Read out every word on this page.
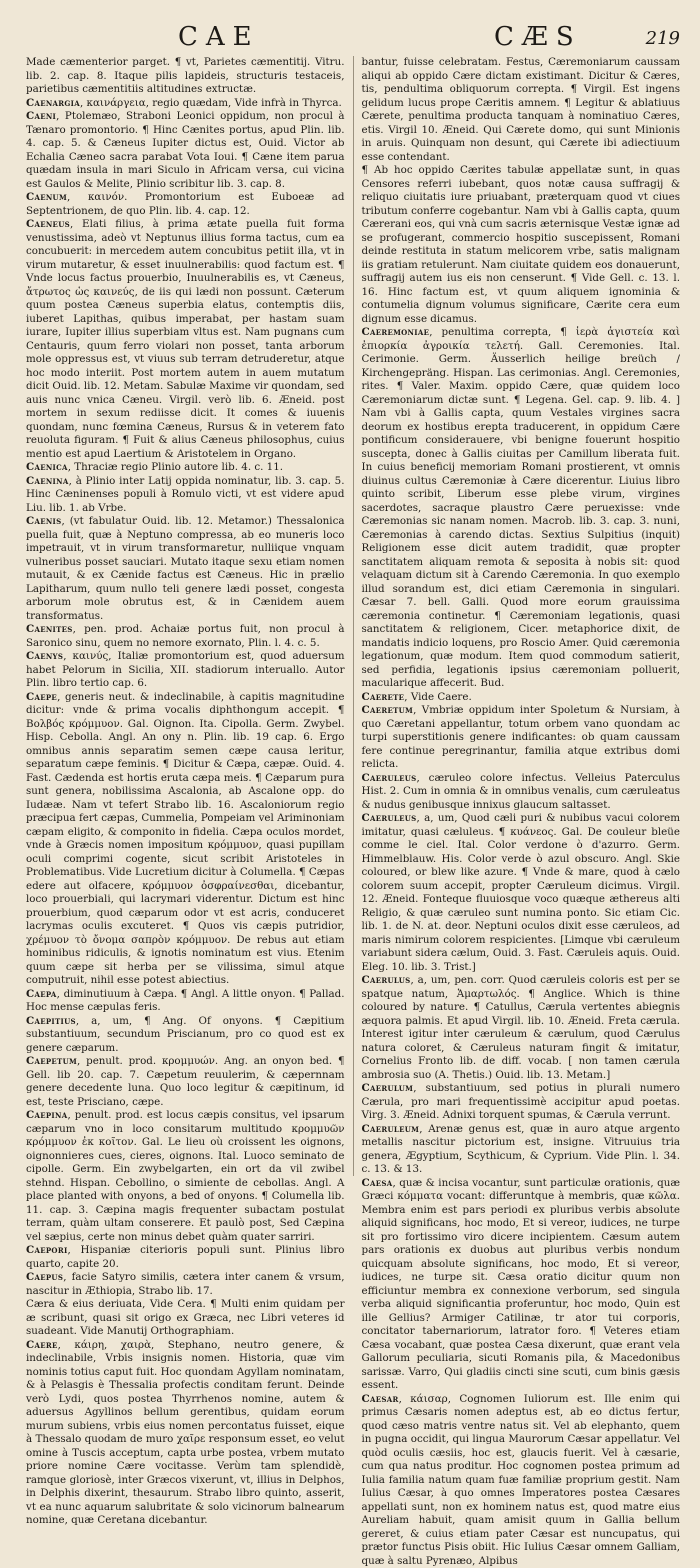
CAE	CÆS	219

Made cæmenterior parget. ¶ vt, Parietes cæmentitij. Vitru. lib. 2. cap. 8. Itaque pilis lapideis, structuris testaceis, parietibus cæmentitiis altitudines extructæ.

Caenargia, καινάργεια, regio quædam, Vide infrà in Thyrca.

Caeni, Ptolemæo, Straboni Leonici oppidum, non procul à Tænaro promontorio. ¶ Hinc Cænites portus, apud Plin. lib. 4. cap. 5. & Cæneus Iupiter dictus est, Ouid. Victor ab Echalia Cæneo sacra parabat Vota Ioui. ¶ Cæne item parua quædam insula in mari Siculo in Africam versa, cui vicina est Gaulos & Melite, Plinio scribitur lib. 3. cap. 8.

Caenum, καινόν. Promontorium est Euboeæ ad Septentrionem, de quo Plin. lib. 4. cap. 12.

Caeneus, Elati filius, à prima ætate puella fuit forma venustissima, adeò vt Neptunus illius forma tactus, cum ea concubuerit: in mercedem autem concubitus petiit illa, vt in virum mutaretur, & esset inuulnerabilis: quod factum est. ¶ Vnde locus factus prouerbio, Inuulnerabilis es, vt Cæneus, ἄτρωτος ὡς καινεύς, de iis qui lædi non possunt. Cæterum quum postea Cæneus superbia elatus, contemptis diis, iuberet Lapithas, quibus imperabat, per hastam suam iurare, Iupiter illius superbiam vltus est. Nam pugnans cum Centauris, quum ferro violari non posset, tanta arborum mole oppressus est, vt viuus sub terram detruderetur, atque hoc modo interiit. Post mortem autem in auem mutatum dicit Ouid. lib. 12. Metam. Sabulæ Maxime vir quondam, sed auis nunc vnica Cæneu. Virgil. verò lib. 6. Æneid. post mortem in sexum rediisse dicit. It comes & iuuenis quondam, nunc fœmina Cæneus, Rursus & in veterem fato reuoluta figuram. ¶ Fuit & alius Cæneus philosophus, cuius mentio est apud Laertium & Aristotelem in Organo.

Caenica, Thraciæ regio Plinio autore lib. 4. c. 11.

Caenina, à Plinio inter Latij oppida nominatur, lib. 3. cap. 5. Hinc Cæninenses populi à Romulo victi, vt est videre apud Liu. lib. 1. ab Vrbe.

Caenis, (vt fabulatur Ouid. lib. 12. Metamor.) Thessalonica puella fuit, quæ à Neptuno compressa, ab eo muneris loco impetrauit, vt in virum transformaretur, nulliique vnquam vulneribus posset sauciari. Mutato itaque sexu etiam nomen mutauit, & ex Cænide factus est Cæneus. Hic in prælio Lapitharum, quum nullo teli genere lædi posset, congesta arborum mole obrutus est, & in Cænidem auem transformatus.

Caenites, pen. prod. Achaiæ portus fuit, non procul à Saronico sinu, quem no nemore exornato, Plin. l. 4. c. 5.

Caenys, καινύς, Italiæ promontorium est, quod aduersum habet Pelorum in Sicilia, XII. stadiorum interuallo. Autor Plin. libro tertio cap. 6.

Caepe, generis neut. & indeclinabile, à capitis magnitudine dicitur: vnde & prima vocalis diphthongum accepit. ¶ Βολβός κρόμμυον. Gal. Oignon. Ita. Cipolla. Germ. Zwybel. Hisp. Cebolla. Angl. An ony n. Plin. lib. 19 cap. 6. Ergo omnibus annis separatim semen cæpe causa leritur, separatum cæpe feminis. ¶ Dicitur & Cæpa, cæpæ. Ouid. 4. Fast. Cædenda est hortis eruta cæpa meis. ¶ Cæparum pura sunt genera, nobilissima Ascalonia, ab Ascalone opp. do Iudææ. Nam vt tefert Strabo lib. 16. Ascaloniorum regio præcipua fert cæpas, Cummelia, Pompeiam vel Ariminoniam cæpam eligito, & componito in fidelia. Cæpa oculos mordet, vnde à Græcis nomen impositum κρόμμυον, quasi pupillam oculi comprimi cogente, sicut scribit Aristoteles in Problematibus. Vide Lucretium dicitur à Columella. ¶ Cæpas edere aut olfacere, κρόμμυον ὀσφραίνεσθαι, dicebantur, loco prouerbiali, qui lacrymari viderentur. Dictum est hinc prouerbium, quod cæparum odor vt est acris, conduceret lacrymas oculis excuteret. ¶ Quos vis cæpis putridior, χρέμυον τὸ ὄνομα σαπρὸν κρόμμυον. De rebus aut etiam hominibus ridiculis, & ignotis nominatum est vius. Etenim quum cæpe sit herba per se vilissima, simul atque computruit, nihil esse potest abiectius.

Caepa, diminutiuum à Cæpa. ¶ Angl. A little onyon. ¶ Pallad. Hoc mense cæpulas feris.

Caepitius, a, um, ¶ Ang. Of onyons. ¶ Cæpitium substantiuum, secundum Priscianum, pro co quod est ex genere cæparum.

Caepetum, penult. prod. κρομμυών. Ang. an onyon bed. ¶ Gell. lib 20. cap. 7. Cæpetum reuulerim, & cæpernnam genere decedente luna. Quo loco legitur & cæpitinum, id est, teste Prisciano, cæpe.

Caepina, penult. prod. est locus cæpis consitus, vel ipsarum cæparum vno in loco consitarum multitudo κρομμυῶν κρόμμυον ἐκ κοῖτον. Gal. Le lieu où croissent les oignons, oignonnieres cues, cieres, oignons. Ital. Luoco seminato de cipolle. Germ. Ein zwybelgarten, ein ort da vil zwibel stehnd. Hispan. Cebollino, o simiente de cebollas. Angl. A place planted with onyons, a bed of onyons. ¶ Columella lib. 11. cap. 3. Cæpina magis frequenter subactam postulat terram, quàm ultam conserere. Et paulò post, Sed Cæpina vel sæpius, certe non minus debet quàm quater sarriri.

Caepori, Hispaniæ citerioris populi sunt. Plinius libro quarto, capite 20.

Caepus, facie Satyro similis, cætera inter canem & vrsum, nascitur in Æthiopia, Strabo lib. 17.

Cæra & eius deriuata, Vide Cera. ¶ Multi enim quidam per æ scribunt, quasi sit origo ex Græca, nec Libri veteres id suadeant. Vide Manutij Orthographiam.

Caere, κάιρη, χαιρὰ, Stephano, neutro genere, & indeclinabile, Vrbis insignis nomen. Historia, quæ vim nominis totius caput fuit. Hoc quondam Agyllam nominatam, & à Pelasgis è Thessalia profectis conditam ferunt. Deinde verò Lydi, quos postea Thyrrhenos nomine, autem & aduersus Agyllinos bellum gerentibus, quidam eorum murum subiens, vrbis eius nomen percontatus fuisset, eique à Thessalo quodam de muro χαῖρε responsum esset, eo velut omine à Tuscis acceptum, capta urbe postea, vrbem mutato priore nomine Cære vocitasse. Verùm tam splendidè, ramque gloriosè, inter Græcos vixerunt, vt, illius in Delphos, in Delphis dixerint, thesaurum. Strabo libro quinto, asserit, vt ea nunc aquarum salubritate & solo vicinorum balnearum nomine, quæ Ceretana dicebantur.

bantur, fuisse celebratam. Festus, Cæremoniarum caussam aliqui ab oppido Cære dictam existimant. Dicitur & Cæres, tis, pendultima obliquorum correpta. ¶ Virgil. Est ingens gelidum lucus prope Cæritis amnem. ¶ Legitur & ablatiuus Cærete, penultima producta tanquam à nominatiuo Cæres, etis. Virgil 10. Æneid. Qui Cærete domo, qui sunt Minionis in aruis. Quinquam non desunt, qui Cærete ibi adiectiuum esse contendant.

¶ Ab hoc oppido Cærites tabulæ appellatæ sunt, in quas Censores referri iubebant, quos notæ causa suffragij & reliquo ciuitatis iure priuabant, præterquam quod vt ciues tributum conferre cogebantur. Nam vbi à Gallis capta, quum Cærerani eos, qui vnà cum sacris æternisque Vestæ ignæ ad se profugerant, commercio hospitio suscepissent, Romani deinde restituta in statum melicorem vrbe, satis malignam iis gratiam retulerunt. Nam ciuitate quidem eos donauerunt, suffragij autem ius eis non censerunt. ¶ Vide Gell. c. 13. l. 16. Hinc factum est, vt quum aliquem ignominia & contumelia dignum volumus significare, Cærite cera eum dignum esse dicamus.

Caeremoniae, penultima correpta, ¶ ἱερὰ ἁγιστεία καὶ ἐπιορκία ἀγροικία τελετή. Gall. Ceremonies. Ital. Cerimonie. Germ. Äusserlich heilige breüch / Kirchengepräng. Hispan. Las cerimonias. Angl. Ceremonies, rites. ¶ Valer. Maxim. oppido Cære, quæ quidem loco Cæremoniarum dictæ sunt. ¶ Legena. Gel. cap. 9. lib. 4. ] Nam vbi à Gallis capta, quum Vestales virgines sacra deorum ex hostibus erepta traducerent, in oppidum Cære pontificum considerauere, vbi benigne fouerunt hospitio suscepta, donec à Gallis ciuitas per Camillum liberata fuit. In cuius beneficij memoriam Romani prostierent, vt omnis diuinus cultus Cæremoniæ à Cære dicerentur. Liuius libro quinto scribit, Liberum esse plebe virum, virgines sacerdotes, sacraque plaustro Cære peruexisse: vnde Cæremonias sic nanam nomen. Macrob. lib. 3. cap. 3. nuni, Cæremonias à carendo dictas. Sextius Sulpitius (inquit) Religionem esse dicit autem tradidit, quæ propter sanctitatem aliquam remota & seposita à nobis sit: quod velaquam dictum sit à Carendo Cæremonia. In quo exemplo illud sorandum est, dici etiam Cæremonia in singulari. Cæsar 7. bell. Galli. Quod more eorum grauissima cæremonia continetur. ¶ Cæremoniam legationis, quasi sanctitatem & religionem, Cicer. metaphorice dixit, de mandatis indicio loquens, pro Roscio Amer. Quid cæremonia legationum, quæ modum. Item quod commodum satierit, sed perfidia, legationis ipsius cæremoniam polluerit, macularique affecerit. Bud.

Caerete, Vide Caere.

Caeretum, Vmbriæ oppidum inter Spoletum & Nursiam, à quo Cæretani appellantur, totum orbem vano quondam ac turpi superstitionis genere indificantes: ob quam caussam fere continue peregrinantur, familia atque extribus domi relicta.

Caeruleus, cæruleo colore infectus. Velleius Paterculus Hist. 2. Cum in omnia & in omnibus venalis, cum cæruleatus & nudus genibusque innixus glaucum saltasset.

Caeruleus, a, um, Quod cæli puri & nubibus vacui colorem imitatur, quasi cæluleus. ¶ κυάνεος. Gal. De couleur bleüe comme le ciel. Ital. Color verdone ò d'azurro. Germ. Himmelblauw. His. Color verde ò azul obscuro. Angl. Skie coloured, or blew like azure. ¶ Vnde & mare, quod à cælo colorem suum accepit, propter Cæruleum dicimus. Virgil. 12. Æneid. Fonteque fluuiosque voco quæque æthereus alti Religio, & quæ cæruleo sunt numina ponto. Sic etiam Cic. lib. 1. de N. at. deor. Neptuni oculos dixit esse cæruleos, ad maris nimirum colorem respicientes. [Limque vbi cæruleum variabunt sidera cælum, Ouid. 3. Fast. Cæruleis aquis. Ouid. Eleg. 10. lib. 3. Trist.]

Caerulus, a, um, pen. corr. Quod cæruleis coloris est per se spatque natum, Ἁμαρτωλός. ¶ Anglice. Which is thine coloured by nature. ¶ Catullus, Cærula vertentes abiegnis æquora palmis. Et apud Virgil. lib. 10. Æneid. Freta cærula. Interest igitur inter cæruleum & cærulum, quod Cærulus natura coloret, & Cæruleus naturam fingit & imitatur, Cornelius Fronto lib. de diff. vocab. [ non tamen cærula ambrosia suo (A. Thetis.) Ouid. lib. 13. Metam.]

Caerulum, substantiuum, sed potius in plurali numero Cærula, pro mari frequentissimè accipitur apud poetas. Virg. 3. Æneid. Adnixi torquent spumas, & Cærula verrunt.

Caeruleum, Arenæ genus est, quæ in auro atque argento metallis nascitur pictorium est, insigne. Vitruuius tria genera, Ægyptium, Scythicum, & Cyprium. Vide Plin. l. 34. c. 13. & 13.

Caesa, quæ & incisa vocantur, sunt particulæ orationis, quæ Græci κόμματα vocant: differuntque à membris, quæ κῶλα. Membra enim est pars periodi ex pluribus verbis absolute aliquid significans, hoc modo, Et si vereor, iudices, ne turpe sit pro fortissimo viro dicere incipientem. Cæsum autem pars orationis ex duobus aut pluribus verbis nondum quicquam absolute significans, hoc modo, Et si vereor, iudices, ne turpe sit. Cæsa oratio dicitur quum non efficiuntur membra ex connexione verborum, sed singula verba aliquid significantia proferuntur, hoc modo, Quin est ille Gellius? Armiger Catilinæ, tr ator tui corporis, concitator tabernariorum, latrator foro. ¶ Veteres etiam Cæsa vocabant, quæ postea Cæsa dixerunt, quæ erant vela Gallorum peculiaria, sicuti Romanis pila, & Macedonibus sarissæ. Varro, Qui gladiis cincti sine scuti, cum binis gæsis essent.

Caesar, κάισαρ, Cognomen Iuliorum est. Ille enim qui primus Cæsaris nomen adeptus est, ab eo dictus fertur, quod cæso matris ventre natus sit. Vel ab elephanto, quem in pugna occidit, qui lingua Maurorum Cæsar appellatur. Vel quòd oculis cæsiis, hoc est, glaucis fuerit. Vel à cæsarie, cum qua natus proditur. Hoc cognomen postea primum ad Iulia familia natum quam fuæ familiæ proprium gestit. Nam Iulius Cæsar, à quo omnes Imperatores postea Cæsares appellati sunt, non ex hominem natus est, quod matre eius Aureliam habuit, quam amisit quum in Gallia bellum gereret, & cuius etiam pater Cæsar est nuncupatus, qui prætor functus Pisis obiit. Hic Iulius Cæsar omnem Galliam, quæ à saltu Pyrenæo, Alpibus
